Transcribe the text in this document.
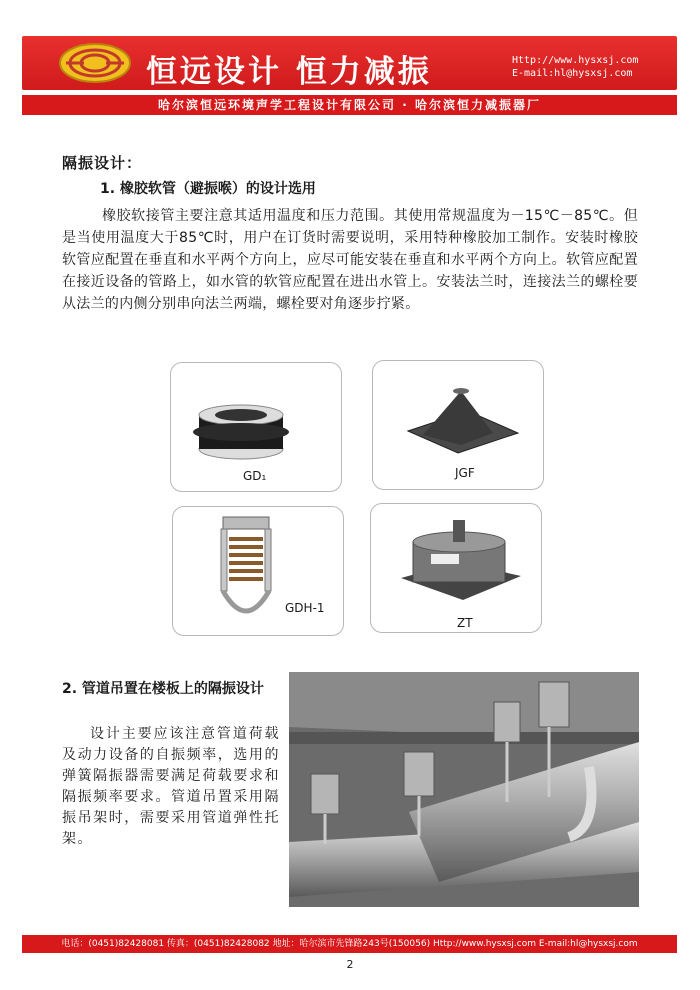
恒远设计 恒力减振	Http://www.hysxsj.com
E-mail:hl@hysxsj.com
哈尔滨恒远环境声学工程设计有限公司 · 哈尔滨恒力减振器厂
隔振设计：
1. 橡胶软管（避振喉）的设计选用
橡胶软接管主要注意其适用温度和压力范围。其使用常规温度为－15℃－85℃。但是当使用温度大于85℃时，用户在订货时需要说明，采用特种橡胶加工制作。安装时橡胶软管应配置在垂直和水平两个方向上，应尽可能安装在垂直和水平两个方向上。软管应配置在接近设备的管路上，如水管的软管应配置在进出水管上。安装法兰时，连接法兰的螺栓要从法兰的内侧分别串向法兰两端，螺栓要对角逐步拧紧。
GD₁	JGF
GDH-1
ZT
2. 管道吊置在楼板上的隔振设计
设计主要应该注意管道荷载及动力设备的自振频率，选用的弹簧隔振器需要满足荷载要求和隔振频率要求。管道吊置采用隔振吊架时，需要采用管道弹性托架。
电话：(0451)82428081 传真：(0451)82428082 地址：哈尔滨市先锋路243号(150056) Http://www.hysxsj.com E-mail:hl@hysxsj.com
2
